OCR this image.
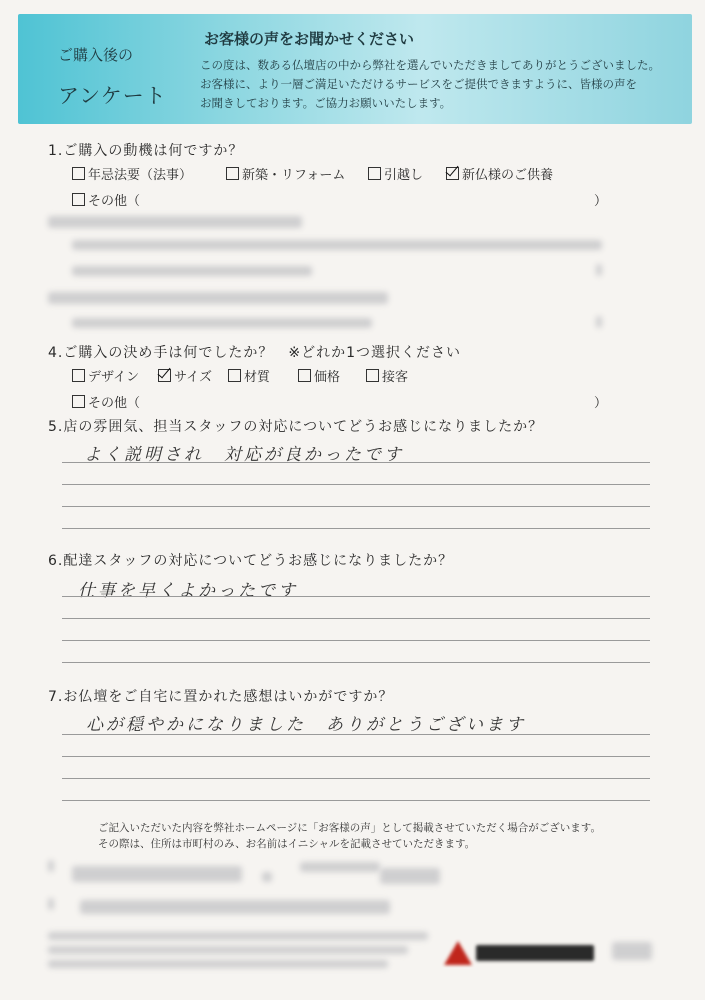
ご購入後の
アンケート
お客様の声をお聞かせください
この度は、数ある仏壇店の中から弊社を選んでいただきましてありがとうございました。
お客様に、より一層ご満足いただけるサービスをご提供できますように、皆様の声を
お聞きしております。ご協力お願いいたします。
1.ご購入の動機は何ですか？
年忌法要（法事）	新築・リフォーム	引越し	新仏様のご供養
その他（	）
4.ご購入の決め手は何でしたか？　※どれか1つ選択ください
デザイン	サイズ	材質	価格	接客
その他（	）
5.店の雰囲気、担当スタッフの対応についてどうお感じになりましたか？
よく説明され　対応が良かったです
6.配達スタッフの対応についてどうお感じになりましたか？
仕事を早くよかったです
7.お仏壇をご自宅に置かれた感想はいかがですか？
心が穏やかになりました　ありがとうございます
ご記入いただいた内容を弊社ホームページに「お客様の声」として掲載させていただく場合がございます。
その際は、住所は市町村のみ、お名前はイニシャルを記載させていただきます。
